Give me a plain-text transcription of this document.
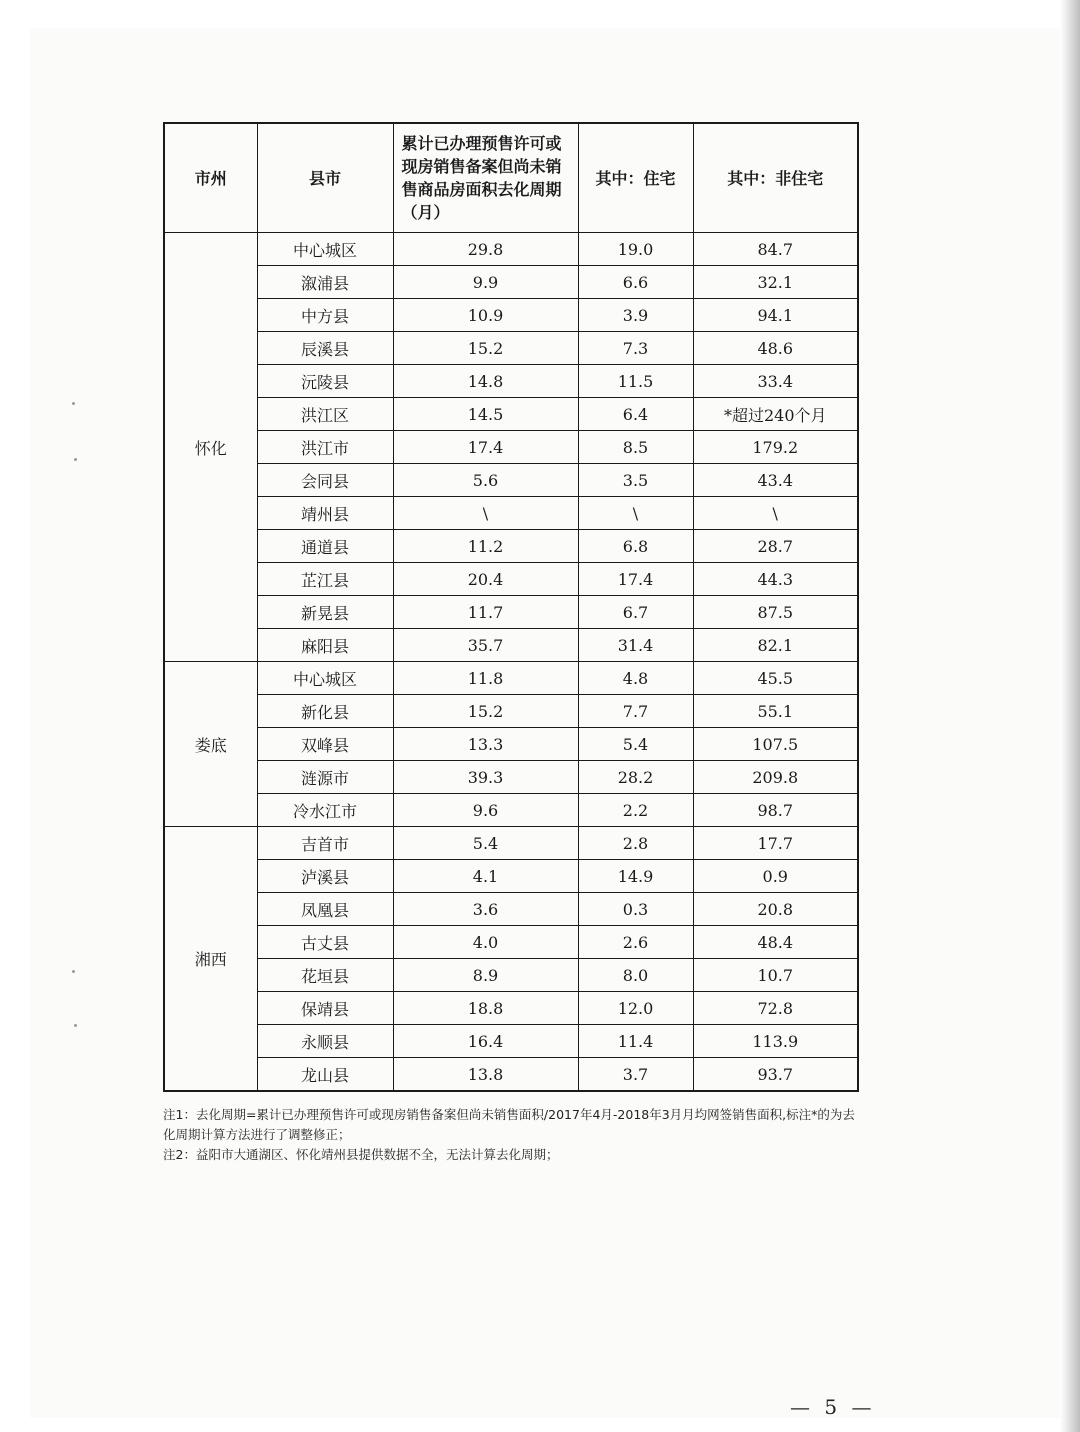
市州	县市	累计已办理预售许可或现房销售备案但尚未销售商品房面积去化周期（月）	其中：住宅	其中：非住宅
怀化	中心城区	29.8	19.0	84.7
	溆浦县	9.9	6.6	32.1
	中方县	10.9	3.9	94.1
	辰溪县	15.2	7.3	48.6
	沅陵县	14.8	11.5	33.4
	洪江区	14.5	6.4	*超过240个月
	洪江市	17.4	8.5	179.2
	会同县	5.6	3.5	43.4
	靖州县	\	\	\
	通道县	11.2	6.8	28.7
	芷江县	20.4	17.4	44.3
	新晃县	11.7	6.7	87.5
	麻阳县	35.7	31.4	82.1
娄底	中心城区	11.8	4.8	45.5
	新化县	15.2	7.7	55.1
	双峰县	13.3	5.4	107.5
	涟源市	39.3	28.2	209.8
	冷水江市	9.6	2.2	98.7
湘西	吉首市	5.4	2.8	17.7
	泸溪县	4.1	14.9	0.9
	凤凰县	3.6	0.3	20.8
	古丈县	4.0	2.6	48.4
	花垣县	8.9	8.0	10.7
	保靖县	18.8	12.0	72.8
	永顺县	16.4	11.4	113.9
	龙山县	13.8	3.7	93.7

注1：去化周期=累计已办理预售许可或现房销售备案但尚未销售面积/2017年4月-2018年3月月均网签销售面积,标注*的为去化周期计算方法进行了调整修正；

注2：益阳市大通湖区、怀化靖州县提供数据不全，无法计算去化周期；

— 5 —
